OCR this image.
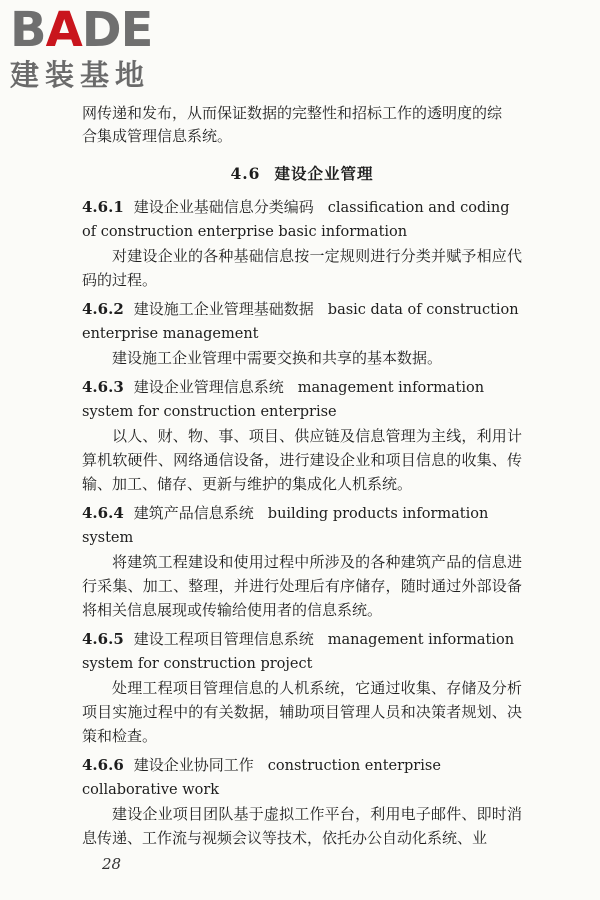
BADE
建装基地
网传递和发布，从而保证数据的完整性和招标工作的透明度的综
合集成管理信息系统。
4.6 建设企业管理
4.6.1 建设企业基础信息分类编码 classification and coding of construction enterprise basic information
对建设企业的各种基础信息按一定规则进行分类并赋予相应代码的过程。
4.6.2 建设施工企业管理基础数据 basic data of construction enterprise management
建设施工企业管理中需要交换和共享的基本数据。
4.6.3 建设企业管理信息系统 management information system for construction enterprise
以人、财、物、事、项目、供应链及信息管理为主线，利用计算机软硬件、网络通信设备，进行建设企业和项目信息的收集、传输、加工、储存、更新与维护的集成化人机系统。
4.6.4 建筑产品信息系统 building products information system
将建筑工程建设和使用过程中所涉及的各种建筑产品的信息进行采集、加工、整理，并进行处理后有序储存，随时通过外部设备将相关信息展现或传输给使用者的信息系统。
4.6.5 建设工程项目管理信息系统 management information system for construction project
处理工程项目管理信息的人机系统，它通过收集、存储及分析项目实施过程中的有关数据，辅助项目管理人员和决策者规划、决策和检查。
4.6.6 建设企业协同工作 construction enterprise collaborative work
建设企业项目团队基于虚拟工作平台，利用电子邮件、即时消息传递、工作流与视频会议等技术，依托办公自动化系统、业
28
